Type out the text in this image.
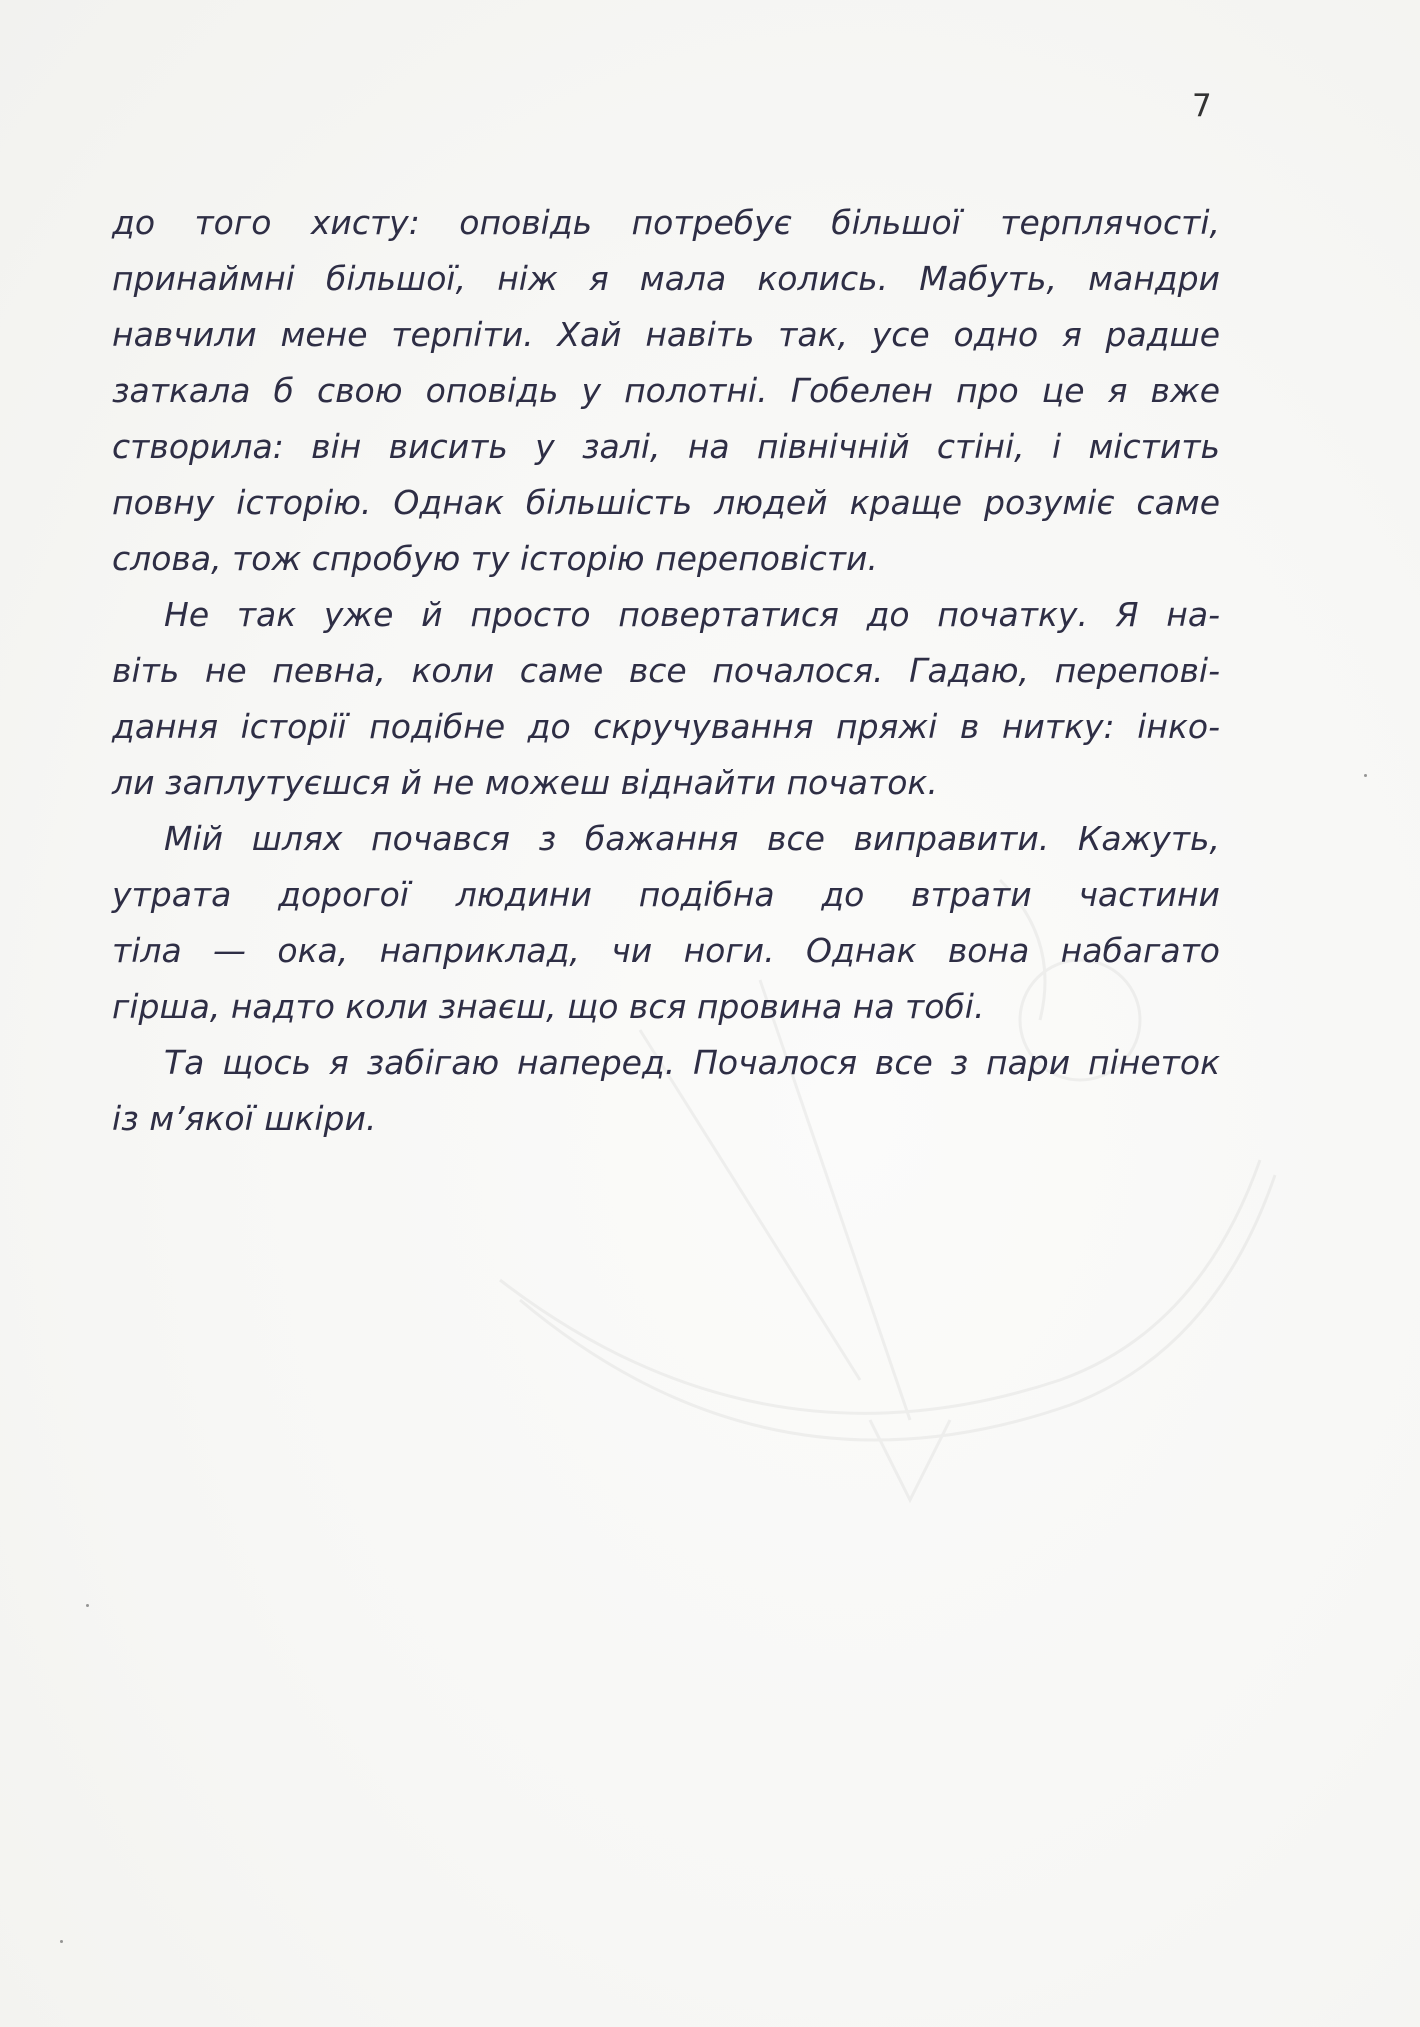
7
до того хисту: оповідь потребує більшої терплячості,
принаймні більшої, ніж я мала колись. Мабуть, мандри
навчили мене терпіти. Хай навіть так, усе одно я радше
заткала б свою оповідь у полотні. Гобелен про це я вже
створила: він висить у залі, на північній стіні, і містить
повну історію. Однак більшість людей краще розуміє саме
слова, тож спробую ту історію переповісти.
Не так уже й просто повертатися до початку. Я на-
віть не певна, коли саме все почалося. Гадаю, перепові-
дання історії подібне до скручування пряжі в нитку: інко-
ли заплутуєшся й не можеш віднайти початок.
Мій шлях почався з бажання все виправити. Кажуть,
утрата дорогої людини подібна до втрати частини
тіла — ока, наприклад, чи ноги. Однак вона набагато
гірша, надто коли знаєш, що вся провина на тобі.
Та щось я забігаю наперед. Почалося все з пари пінеток
із м’якої шкіри.
